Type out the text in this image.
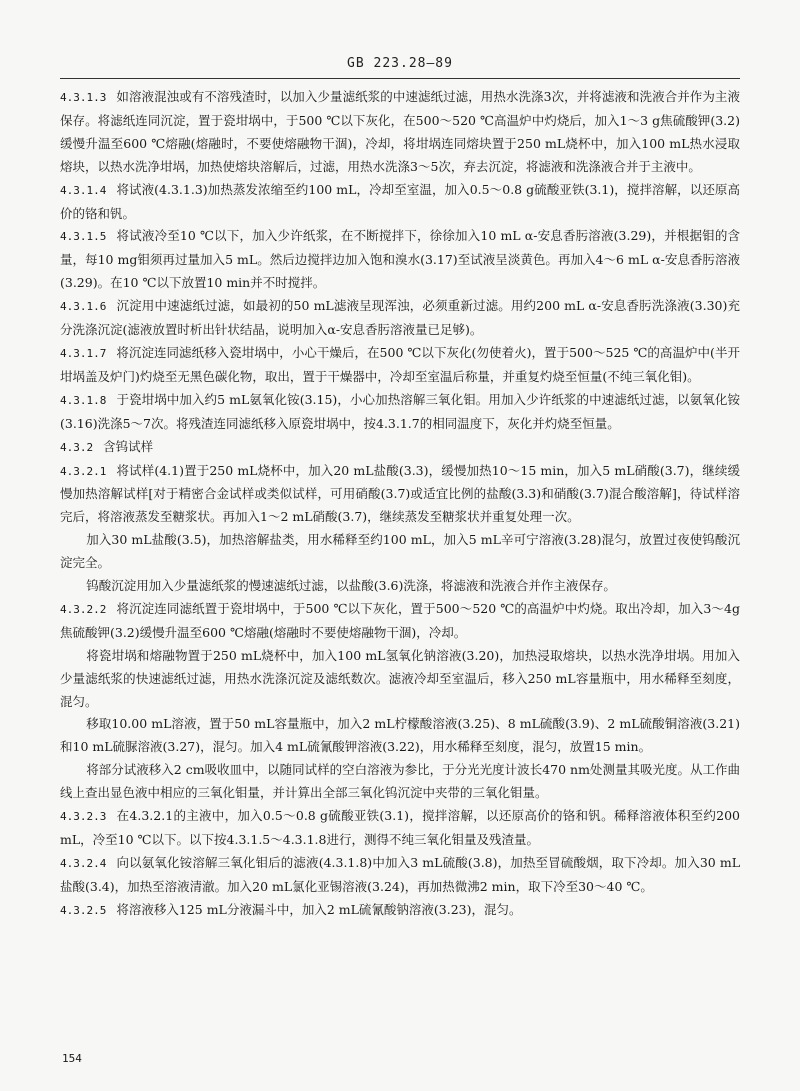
GB 223.28—89

4.3.1.3 如溶液混浊或有不溶残渣时，以加入少量滤纸浆的中速滤纸过滤，用热水洗涤3次，并将滤液和洗液合并作为主液保存。将滤纸连同沉淀，置于瓷坩埚中，于500 ℃以下灰化，在500～520 ℃高温炉中灼烧后，加入1～3 g焦硫酸钾(3.2)缓慢升温至600 ℃熔融(熔融时，不要使熔融物干涸)，冷却，将坩埚连同熔块置于250 mL烧杯中，加入100 mL热水浸取熔块，以热水洗净坩埚，加热使熔块溶解后，过滤，用热水洗涤3～5次，弃去沉淀，将滤液和洗涤液合并于主液中。

4.3.1.4 将试液(4.3.1.3)加热蒸发浓缩至约100 mL，冷却至室温，加入0.5～0.8 g硫酸亚铁(3.1)，搅拌溶解，以还原高价的铬和钒。

4.3.1.5 将试液冷至10 ℃以下，加入少许纸浆，在不断搅拌下，徐徐加入10 mL α-安息香肟溶液(3.29)，并根据钼的含量，每10 mg钼须再过量加入5 mL。然后边搅拌边加入饱和溴水(3.17)至试液呈淡黄色。再加入4～6 mL α-安息香肟溶液(3.29)。在10 ℃以下放置10 min并不时搅拌。

4.3.1.6 沉淀用中速滤纸过滤，如最初的50 mL滤液呈现浑浊，必须重新过滤。用约200 mL α-安息香肟洗涤液(3.30)充分洗涤沉淀(滤液放置时析出针状结晶，说明加入α-安息香肟溶液量已足够)。

4.3.1.7 将沉淀连同滤纸移入瓷坩埚中，小心干燥后，在500 ℃以下灰化(勿使着火)，置于500～525 ℃的高温炉中(半开坩埚盖及炉门)灼烧至无黑色碳化物，取出，置于干燥器中，冷却至室温后称量，并重复灼烧至恒量(不纯三氧化钼)。

4.3.1.8 于瓷坩埚中加入约5 mL氨氧化铵(3.15)，小心加热溶解三氧化钼。用加入少许纸浆的中速滤纸过滤，以氨氧化铵(3.16)洗涤5～7次。将残渣连同滤纸移入原瓷坩埚中，按4.3.1.7的相同温度下，灰化并灼烧至恒量。

4.3.2 含钨试样

4.3.2.1 将试样(4.1)置于250 mL烧杯中，加入20 mL盐酸(3.3)，缓慢加热10～15 min，加入5 mL硝酸(3.7)，继续缓慢加热溶解试样[对于精密合金试样或类似试样，可用硝酸(3.7)或适宜比例的盐酸(3.3)和硝酸(3.7)混合酸溶解]，待试样溶完后，将溶液蒸发至糖浆状。再加入1～2 mL硝酸(3.7)，继续蒸发至糖浆状并重复处理一次。

加入30 mL盐酸(3.5)，加热溶解盐类，用水稀释至约100 mL，加入5 mL辛可宁溶液(3.28)混匀，放置过夜使钨酸沉淀完全。

钨酸沉淀用加入少量滤纸浆的慢速滤纸过滤，以盐酸(3.6)洗涤，将滤液和洗液合并作主液保存。

4.3.2.2 将沉淀连同滤纸置于瓷坩埚中，于500 ℃以下灰化，置于500～520 ℃的高温炉中灼烧。取出冷却，加入3～4g焦硫酸钾(3.2)缓慢升温至600 ℃熔融(熔融时不要使熔融物干涸)，冷却。

将瓷坩埚和熔融物置于250 mL烧杯中，加入100 mL氢氧化钠溶液(3.20)，加热浸取熔块，以热水洗净坩埚。用加入少量滤纸浆的快速滤纸过滤，用热水洗涤沉淀及滤纸数次。滤液冷却至室温后，移入250 mL容量瓶中，用水稀释至刻度，混匀。

移取10.00 mL溶液，置于50 mL容量瓶中，加入2 mL柠檬酸溶液(3.25)、8 mL硫酸(3.9)、2 mL硫酸铜溶液(3.21)和10 mL硫脲溶液(3.27)，混匀。加入4 mL硫氰酸钾溶液(3.22)，用水稀释至刻度，混匀，放置15 min。

将部分试液移入2 cm吸收皿中，以随同试样的空白溶液为参比，于分光光度计波长470 nm处测量其吸光度。从工作曲线上查出显色液中相应的三氧化钼量，并计算出全部三氧化钨沉淀中夹带的三氧化钼量。

4.3.2.3 在4.3.2.1的主液中，加入0.5～0.8 g硫酸亚铁(3.1)，搅拌溶解，以还原高价的铬和钒。稀释溶液体积至约200 mL，冷至10 ℃以下。以下按4.3.1.5～4.3.1.8进行，测得不纯三氧化钼量及残渣量。

4.3.2.4 向以氨氧化铵溶解三氧化钼后的滤液(4.3.1.8)中加入3 mL硫酸(3.8)，加热至冒硫酸烟，取下冷却。加入30 mL盐酸(3.4)，加热至溶液清澈。加入20 mL氯化亚锡溶液(3.24)，再加热微沸2 min，取下冷至30～40 ℃。

4.3.2.5 将溶液移入125 mL分液漏斗中，加入2 mL硫氰酸钠溶液(3.23)，混匀。

154
